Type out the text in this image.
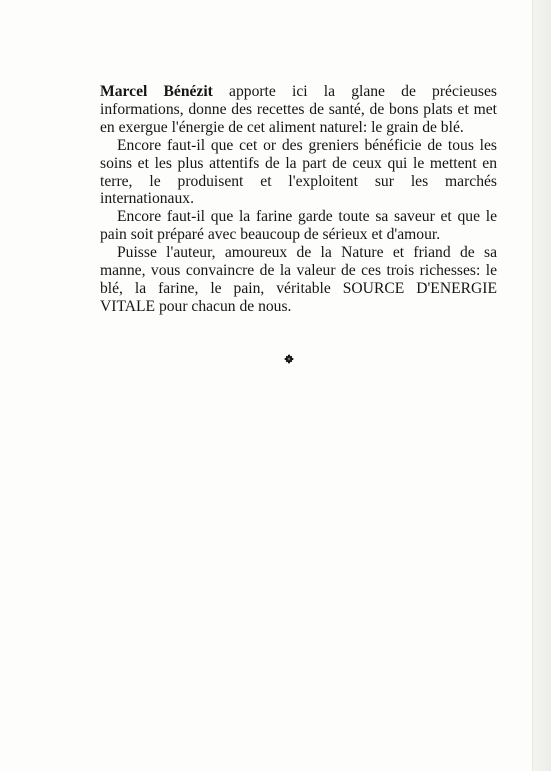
Marcel Bénézit apporte ici la glane de précieuses informations, donne des recettes de santé, de bons plats et met en exergue l'énergie de cet aliment naturel: le grain de blé.

Encore faut-il que cet or des greniers bénéficie de tous les soins et les plus attentifs de la part de ceux qui le mettent en terre, le produisent et l'exploitent sur les marchés internationaux.

Encore faut-il que la farine garde toute sa saveur et que le pain soit préparé avec beaucoup de sérieux et d'amour.

Puisse l'auteur, amoureux de la Nature et friand de sa manne, vous convaincre de la valeur de ces trois richesses: le blé, la farine, le pain, véritable SOURCE D'ENERGIE VITALE pour chacun de nous.
